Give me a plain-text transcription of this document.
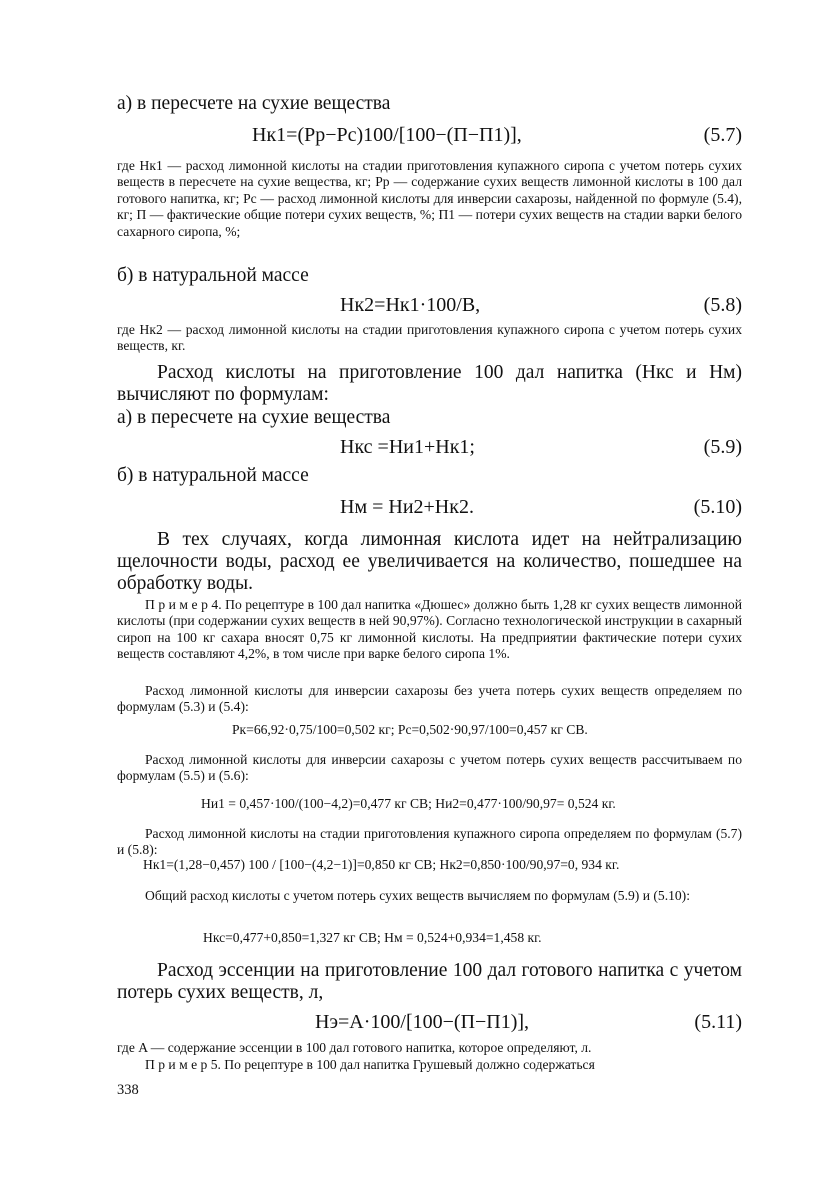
а) в пересчете на сухие вещества
Hк1=(Pр−Pс)100/[100−(П−П1)],	(5.7)
где Hк1 — расход лимонной кислоты на стадии приготовления купажного сиропа с учетом потерь сухих веществ в пересчете на сухие вещества, кг; Pр — содержание сухих веществ лимонной кислоты в 100 дал готового напитка, кг; Pс — расход лимонной кислоты для инверсии сахарозы, найденной по формуле (5.4), кг; П — фактические общие потери сухих веществ, %; П1 — потери сухих веществ на стадии варки белого сахарного сиропа, %;
б) в натуральной массе
Hк2=Hк1·100/В,	(5.8)
где Hк2 — расход лимонной кислоты на стадии приготовления купажного сиропа с учетом потерь сухих веществ, кг.
Расход кислоты на приготовление 100 дал напитка (Hкс и Hм) вычисляют по формулам:
а) в пересчете на сухие вещества
Hкс =Hи1+Hк1;	(5.9)
б) в натуральной массе
Hм = Hи2+Hк2.	(5.10)
В тех случаях, когда лимонная кислота идет на нейтрализацию щелочности воды, расход ее увеличивается на количество, пошедшее на обработку воды.
П р и м е р 4. По рецептуре в 100 дал напитка «Дюшес» должно быть 1,28 кг сухих веществ лимонной кислоты (при содержании сухих веществ в ней 90,97%). Согласно технологической инструкции в сахарный сироп на 100 кг сахара вносят 0,75 кг лимонной кислоты. На предприятии фактические потери сухих веществ составляют 4,2%, в том числе при варке белого сиропа 1%.
Расход лимонной кислоты для инверсии сахарозы без учета потерь сухих веществ определяем по формулам (5.3) и (5.4):
Pк=66,92·0,75/100=0,502 кг; Pс=0,502·90,97/100=0,457 кг СВ.
Расход лимонной кислоты для инверсии сахарозы с учетом потерь сухих веществ рассчитываем по формулам (5.5) и (5.6):
Hи1 = 0,457·100/(100−4,2)=0,477 кг СВ; Hи2=0,477·100/90,97= 0,524 кг.
Расход лимонной кислоты на стадии приготовления купажного сиропа определяем по формулам (5.7) и (5.8):
Hк1=(1,28−0,457) 100 / [100−(4,2−1)]=0,850 кг СВ; Hк2=0,850·100/90,97=0, 934 кг.
Общий расход кислоты с учетом потерь сухих веществ вычисляем по формулам (5.9) и (5.10):
Hкс=0,477+0,850=1,327 кг СВ; Hм = 0,524+0,934=1,458 кг.
Расход эссенции на приготовление 100 дал готового напитка с учетом потерь сухих веществ, л,
Hэ=A·100/[100−(П−П1)],	(5.11)
где A — содержание эссенции в 100 дал готового напитка, которое определяют, л.
П р и м е р 5. По рецептуре в 100 дал напитка Грушевый должно содержаться
338
